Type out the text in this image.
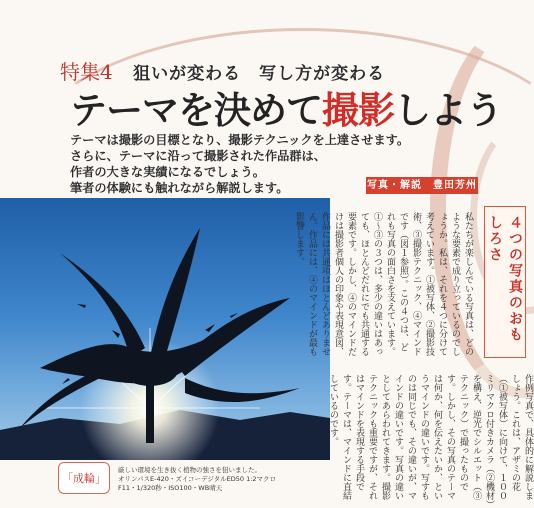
特集4 狙いが変わる　写し方が変わる
テーマを決めて撮影しよう
テーマは撮影の目標となり、撮影テクニックを上達させます。
さらに、テーマに沿って撮影された作品群は、
作者の大きな実績になるでしょう。
筆者の体験にも触れながら解説します。	写真・解説　豊田芳州
「成輪」
厳しい環境を生き抜く植物の強さを狙いました。
オリンパスE-420・ズイコーデジタルED50 1:2マクロ
F11・1/320秒・ISO100・WB晴天

私たちが楽しんでいる写真は、どのような要素で成り立っているのでしょうか。私は、それを４つに分けて考えています。①被写体、②撮影技術、③撮影テクニック、④マインドです（図１参照）。この４つは、どれも写真の面白さを支えています。①〜③の３つは、多少の違いはあっても、ほとんどだれにでも共通する要素です。しかし、④のマインドだけは撮影者個人の印象や表現意図、作品には共通項はほとんどありません。作品には、④のマインドが最も影響します。	４つの写真のおもしろさ

作例写真で、具体的に解説しましょう。これは、アザミの花（①被写体）に向けて、１００ミリマクロ付きカメラ（②機材）を構え、逆光でシルエット（③テクニック）で撮ったものです。しかし、その写真のテーマは何か、何を伝えたいか、というマインドの違いです。写すものは同じでも、その違いが、マインドの違いです。写真の違いとしてあらわれてきます。撮影テクニックも重要ですが、それはマインドを表現する手段です。テーマは、マインドに直結しているのです。
